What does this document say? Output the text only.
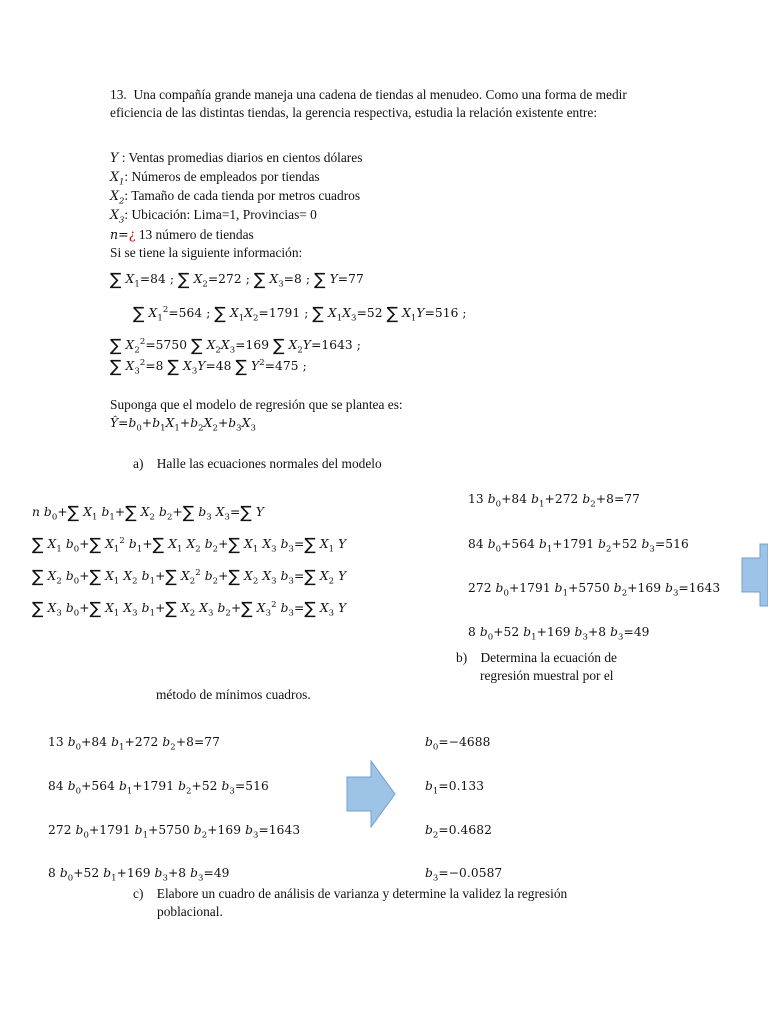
13. Una compañía grande maneja una cadena de tiendas al menudeo. Como una forma de medir eficiencia de las distintas tiendas, la gerencia respectiva, estudia la relación existente entre:
Y : Ventas promedias diarios en cientos dólares
$X_1$: Números de empleados por tiendas
$X_2$: Tamaño de cada tienda por metros cuadros
$X_3$: Ubicación: Lima=1, Provincias= 0
n=¿ 13 número de tiendas
Si se tiene la siguiente información:
∑ $X_1=84$ ; ∑ $X_2=272$ ; ∑ $X_3=8$ ; ∑ Y=77
∑ $X_1^2=564$ ; ∑ $X_1X_2=1791$ ; ∑ $X_1X_3=52$ ∑ $X_1Y=516$ ;
∑ $X_2^2=5750$ ∑ $X_2X_3=169$ ∑ $X_2Y=1643$ ;
∑ $X_3^2=8$ ∑ $X_3Y=48$ ∑ $Y^2=475$ ;
Suponga que el modelo de regresión que se plantea es:
$Ŷ=b_0+b_1X_1+b_2X_2+b_3X_3$
a) Halle las ecuaciones normales del modelo
n $b_0+\sum$ $X_1$ $b_1+\sum$ $X_2$ $b_2+\sum$ $b_3$ $X_3=\sum$ Y
∑ $X_1$ $b_0+\sum$ $X_1^2$ $b_1+\sum$ $X_1$ $X_2$ $b_2+\sum$ $X_1$ $X_3$ $b_3=\sum$ $X_1$ Y
∑ $X_2$ $b_0+\sum$ $X_1$ $X_2$ $b_1+\sum$ $X_2^2$ $b_2+\sum$ $X_2$ $X_3$ $b_3=\sum$ $X_2$ Y
∑ $X_3$ $b_0+\sum$ $X_1$ $X_3$ $b_1+\sum$ $X_2$ $X_3$ $b_2+\sum$ $X_3^2$ $b_3=\sum$ $X_3$ Y
13 $b_0+84$ $b_1+272$ $b_2+8=77$
84 $b_0+564$ $b_1+1791$ $b_2+52$ $b_3=516$
272 $b_0+1791$ $b_1+5750$ $b_2+169$ $b_3=1643$
8 $b_0+52$ $b_1+169$ $b_3+8$ $b_3=49$
b) Determina la ecuación de
regresión muestral por el
método de mínimos cuadros.
13 $b_0+84$ $b_1+272$ $b_2+8=77$
84 $b_0+564$ $b_1+1791$ $b_2+52$ $b_3=516$
272 $b_0+1791$ $b_1+5750$ $b_2+169$ $b_3=1643$
8 $b_0+52$ $b_1+169$ $b_3+8$ $b_3=49$
$b_0=-4688$
$b_1=0.133$
$b_2=0.4682$
$b_3=-0.0587$
c) Elabore un cuadro de análisis de varianza y determine la validez la regresión
poblacional.
